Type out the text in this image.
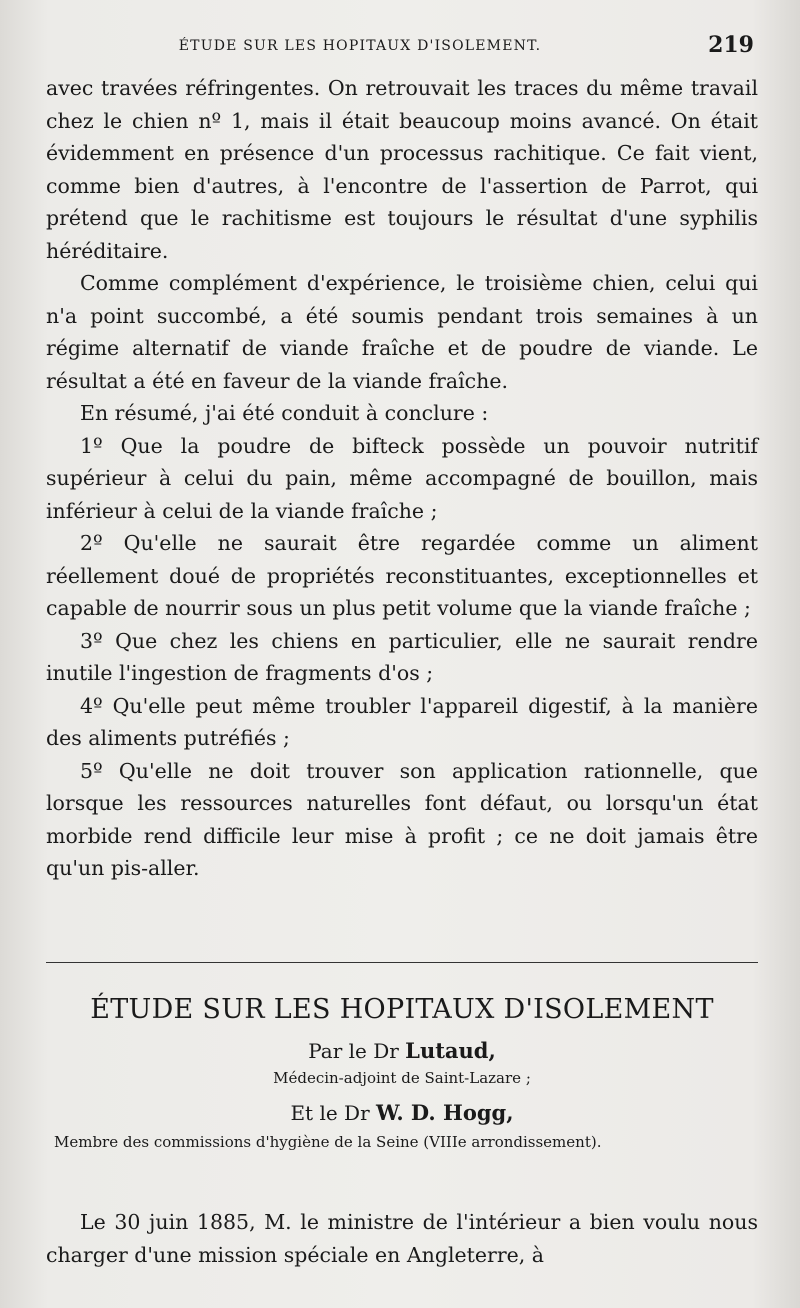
ÉTUDE SUR LES HOPITAUX D'ISOLEMENT.	219

avec travées réfringentes. On retrouvait les traces du même travail chez le chien nº 1, mais il était beaucoup moins avancé. On était évidemment en présence d'un processus rachitique. Ce fait vient, comme bien d'autres, à l'encontre de l'assertion de Parrot, qui prétend que le rachitisme est toujours le résultat d'une syphilis héréditaire.

Comme complément d'expérience, le troisième chien, celui qui n'a point succombé, a été soumis pendant trois semaines à un régime alternatif de viande fraîche et de poudre de viande. Le résultat a été en faveur de la viande fraîche.

En résumé, j'ai été conduit à conclure :

1º Que la poudre de bifteck possède un pouvoir nutritif supérieur à celui du pain, même accompagné de bouillon, mais inférieur à celui de la viande fraîche ;

2º Qu'elle ne saurait être regardée comme un aliment réellement doué de propriétés reconstituantes, exceptionnelles et capable de nourrir sous un plus petit volume que la viande fraîche ;

3º Que chez les chiens en particulier, elle ne saurait rendre inutile l'ingestion de fragments d'os ;

4º Qu'elle peut même troubler l'appareil digestif, à la manière des aliments putréfiés ;

5º Qu'elle ne doit trouver son application rationnelle, que lorsque les ressources naturelles font défaut, ou lorsqu'un état morbide rend difficile leur mise à profit ; ce ne doit jamais être qu'un pis-aller.

ÉTUDE SUR LES HOPITAUX D'ISOLEMENT

Par le Dr Lutaud,

Médecin-adjoint de Saint-Lazare ;

Et le Dr W. D. Hogg,

Membre des commissions d'hygiène de la Seine (VIIIe arrondissement).

Le 30 juin 1885, M. le ministre de l'intérieur a bien voulu nous charger d'une mission spéciale en Angleterre, à
